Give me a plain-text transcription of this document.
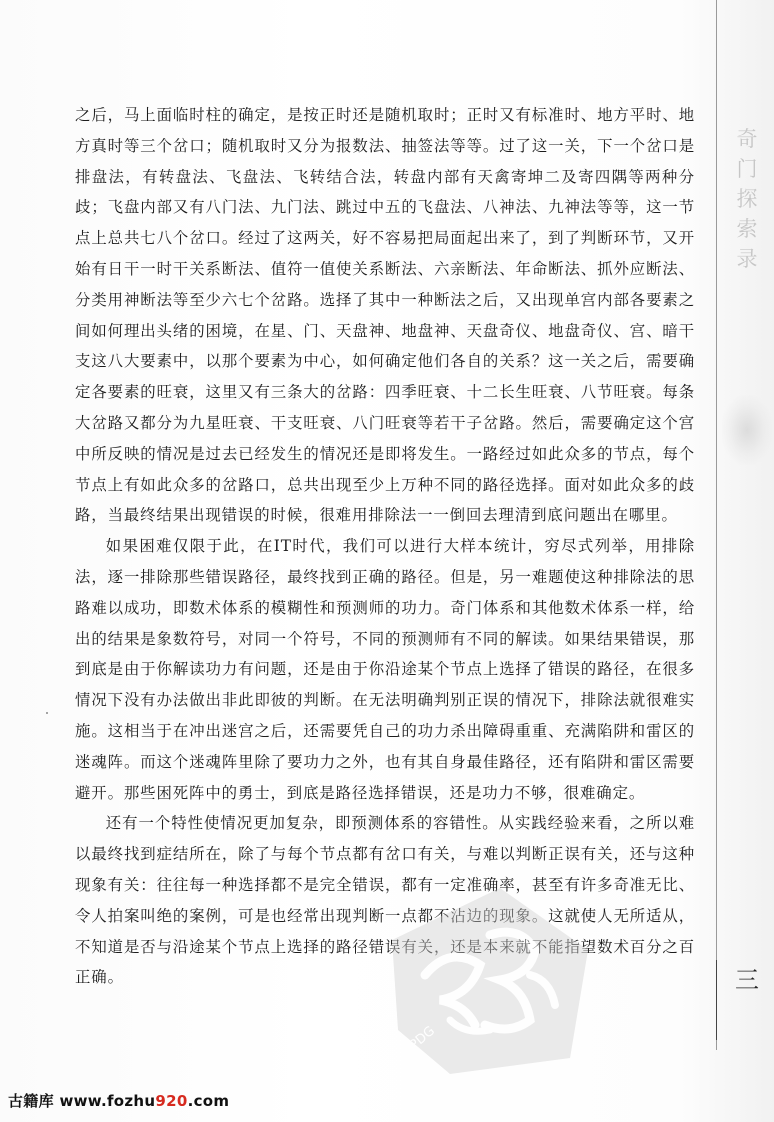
奇
门
探
索
录
三

之后，马上面临时柱的确定，是按正时还是随机取时；正时又有标准时、地方平时、地方真时等三个岔口；随机取时又分为报数法、抽签法等等。过了这一关，下一个岔口是排盘法，有转盘法、飞盘法、飞转结合法，转盘内部有天禽寄坤二及寄四隅等两种分歧；飞盘内部又有八门法、九门法、跳过中五的飞盘法、八神法、九神法等等，这一节点上总共七八个岔口。经过了这两关，好不容易把局面起出来了，到了判断环节，又开始有日干一时干关系断法、值符一值使关系断法、六亲断法、年命断法、抓外应断法、分类用神断法等至少六七个岔路。选择了其中一种断法之后，又出现单宫内部各要素之间如何理出头绪的困境，在星、门、天盘神、地盘神、天盘奇仪、地盘奇仪、宫、暗干支这八大要素中，以那个要素为中心，如何确定他们各自的关系？这一关之后，需要确定各要素的旺衰，这里又有三条大的岔路：四季旺衰、十二长生旺衰、八节旺衰。每条大岔路又都分为九星旺衰、干支旺衰、八门旺衰等若干子岔路。然后，需要确定这个宫中所反映的情况是过去已经发生的情况还是即将发生。一路经过如此众多的节点，每个节点上有如此众多的岔路口，总共出现至少上万种不同的路径选择。面对如此众多的歧路，当最终结果出现错误的时候，很难用排除法一一倒回去理清到底问题出在哪里。

如果困难仅限于此，在IT时代，我们可以进行大样本统计，穷尽式列举，用排除法，逐一排除那些错误路径，最终找到正确的路径。但是，另一难题使这种排除法的思路难以成功，即数术体系的模糊性和预测师的功力。奇门体系和其他数术体系一样，给出的结果是象数符号，对同一个符号，不同的预测师有不同的解读。如果结果错误，那到底是由于你解读功力有问题，还是由于你沿途某个节点上选择了错误的路径，在很多情况下没有办法做出非此即彼的判断。在无法明确判别正误的情况下，排除法就很难实施。这相当于在冲出迷宫之后，还需要凭自己的功力杀出障碍重重、充满陷阱和雷区的迷魂阵。而这个迷魂阵里除了要功力之外，也有其自身最佳路径，还有陷阱和雷区需要避开。那些困死阵中的勇士，到底是路径选择错误，还是功力不够，很难确定。

还有一个特性使情况更加复杂，即预测体系的容错性。从实践经验来看，之所以难以最终找到症结所在，除了与每个节点都有岔口有关，与难以判断正误有关，还与这种现象有关：往往每一种选择都不是完全错误，都有一定准确率，甚至有许多奇准无比、令人拍案叫绝的案例，可是也经常出现判断一点都不沾边的现象。这就使人无所适从，不知道是否与沿途某个节点上选择的路径错误有关，还是本来就不能指望数术百分之百正确。

PDG
古籍库 www.fozhu920.com
